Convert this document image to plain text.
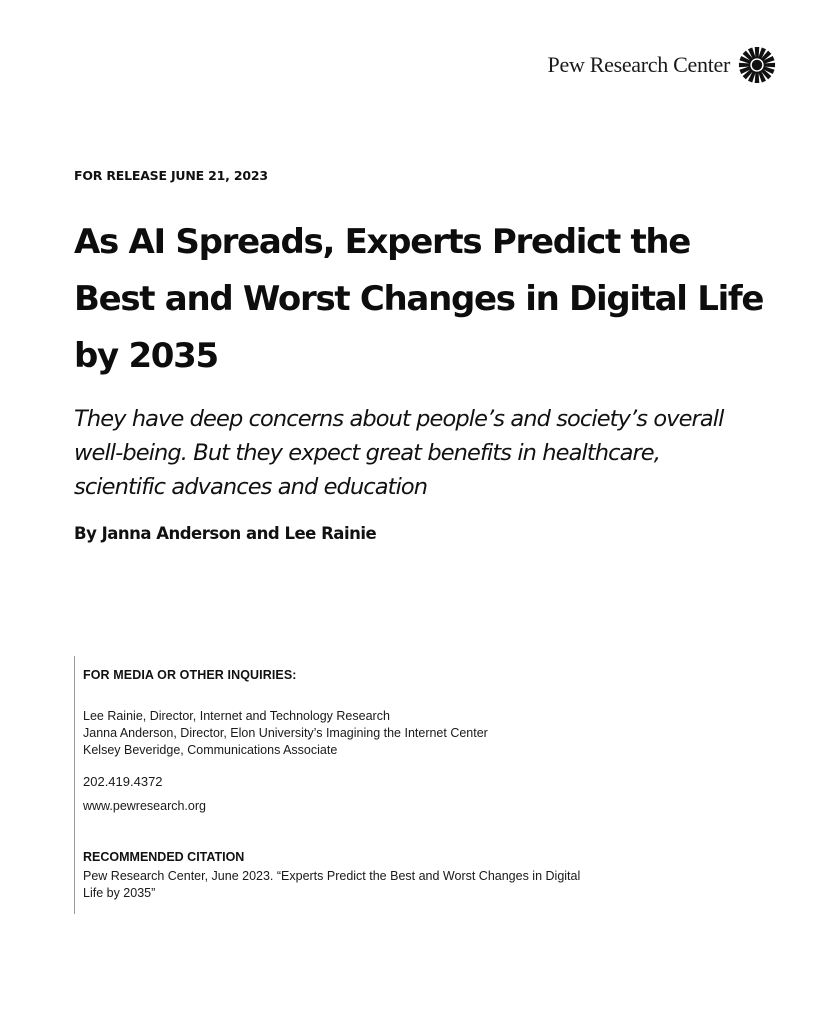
Pew Research Center
FOR RELEASE JUNE 21, 2023
As AI Spreads, Experts Predict the
Best and Worst Changes in Digital Life
by 2035

They have deep concerns about people’s and society’s overall
well-being. But they expect great benefits in healthcare,
scientific advances and education

By Janna Anderson and Lee Rainie
FOR MEDIA OR OTHER INQUIRIES:
Lee Rainie, Director, Internet and Technology Research
Janna Anderson, Director, Elon University’s Imagining the Internet Center
Kelsey Beveridge, Communications Associate
202.419.4372
www.pewresearch.org
RECOMMENDED CITATION
Pew Research Center, June 2023. “Experts Predict the Best and Worst Changes in Digital
Life by 2035”
